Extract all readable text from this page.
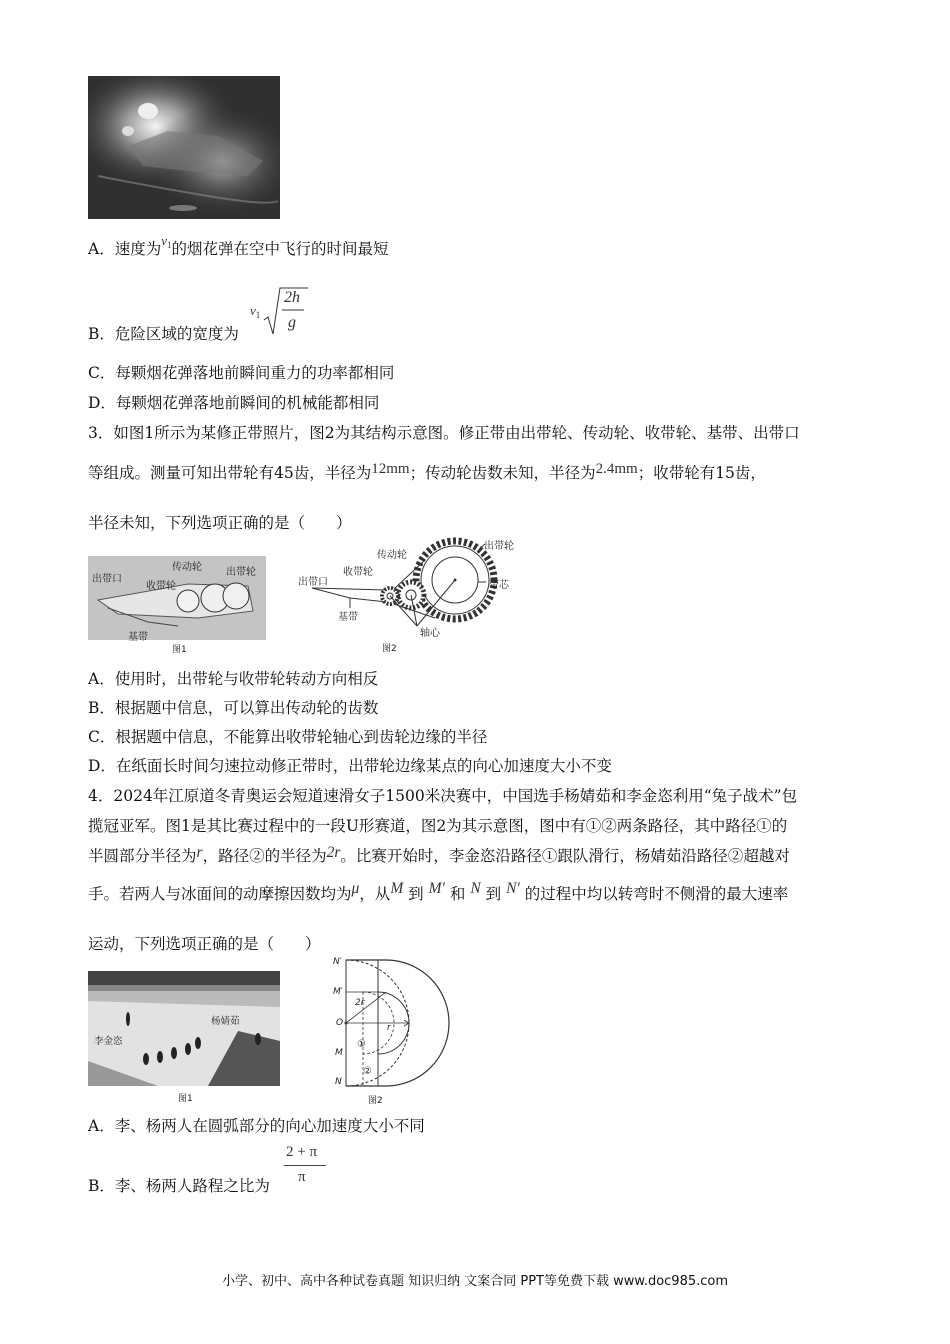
A．速度为$^{v_1}$的烟花弹在空中飞行的时间最短
B．危险区域的宽度为
$v_1$
2h
g
C．每颗烟花弹落地前瞬间重力的功率都相同
D．每颗烟花弹落地前瞬间的机械能都相同
3．如图1所示为某修正带照片，图2为其结构示意图。修正带由出带轮、传动轮、收带轮、基带、出带口
等组成。测量可知出带轮有45齿，半径为12mm；传动轮齿数未知，半径为2.4mm；收带轮有15齿，
半径未知，下列选项正确的是（　　）
出带口
传动轮
收带轮
出带轮
基带
图1
出带口
收带轮
传动轮
出带轮
带芯
基带
轴心
图2
A．使用时，出带轮与收带轮转动方向相反
B．根据题中信息，可以算出传动轮的齿数
C．根据题中信息，不能算出收带轮轴心到齿轮边缘的半径
D．在纸面长时间匀速拉动修正带时，出带轮边缘某点的向心加速度大小不变
4．2024年江原道冬青奥运会短道速滑女子1500米决赛中，中国选手杨婧茹和李金恣利用“兔子战术”包
揽冠亚军。图1是其比赛过程中的一段U形赛道，图2为其示意图，图中有①②两条路径，其中路径①的
半圆部分半径为r，路径②的半径为2r。比赛开始时，李金恣沿路径①跟队滑行，杨婧茹沿路径②超越对
手。若两人与冰面间的动摩擦因数均为μ，从M 到 M′ 和 N 到 N′ 的过程中均以转弯时不侧滑的最大速率
运动，下列选项正确的是（　　）
杨婧茹
李金恣
图1
N′
M′
O
M
N
2r
r
①
②
图2
A．李、杨两人在圆弧部分的向心加速度大小不同
B．李、杨两人路程之比为
2 + π
π
小学、初中、高中各种试卷真题 知识归纳 文案合同 PPT等免费下载 www.doc985.com
